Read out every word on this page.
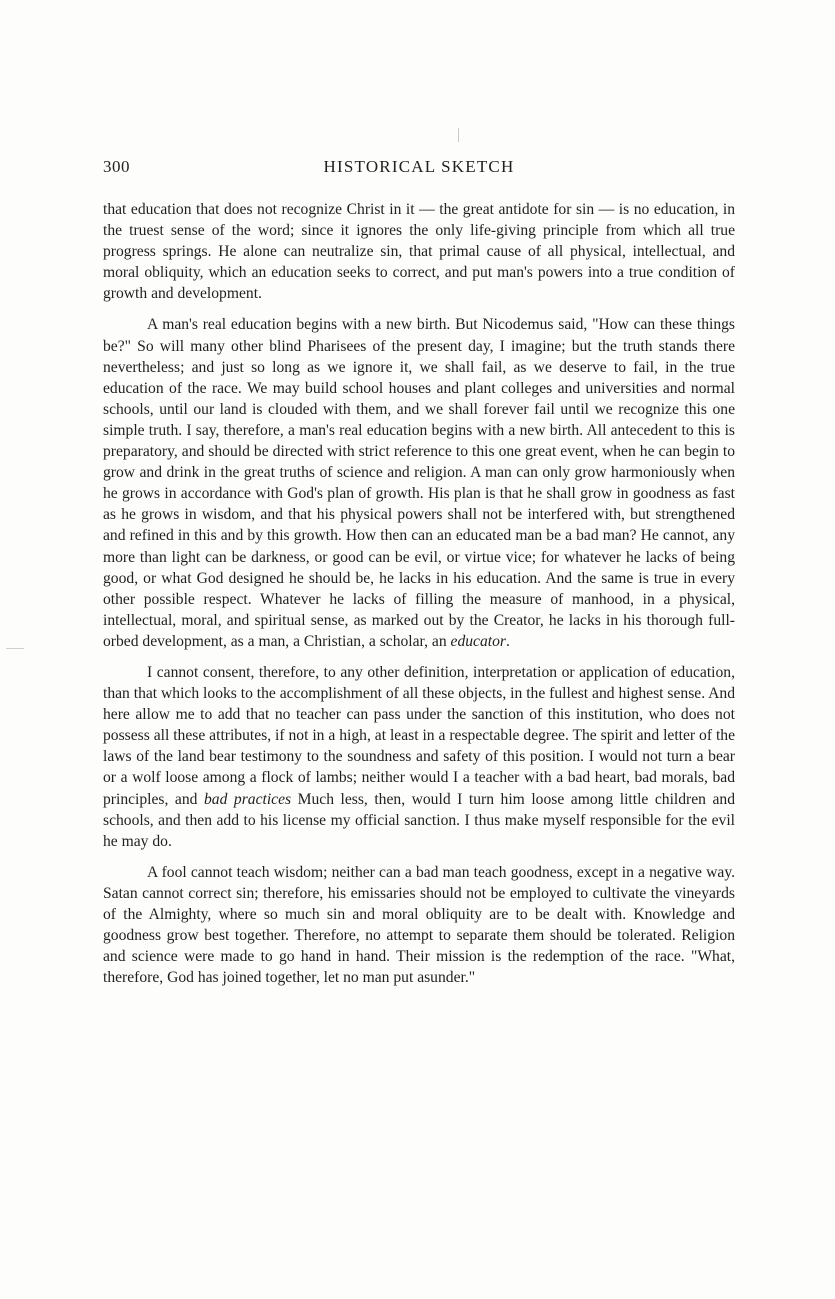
300	HISTORICAL SKETCH

that education that does not recognize Christ in it — the great antidote for sin — is no education, in the truest sense of the word; since it ignores the only life-giving principle from which all true progress springs. He alone can neutralize sin, that primal cause of all physical, intellectual, and moral obliquity, which an education seeks to correct, and put man's powers into a true condition of growth and development.

A man's real education begins with a new birth. But Nicodemus said, "How can these things be?" So will many other blind Pharisees of the present day, I imagine; but the truth stands there nevertheless; and just so long as we ignore it, we shall fail, as we deserve to fail, in the true education of the race. We may build school houses and plant colleges and universities and normal schools, until our land is clouded with them, and we shall forever fail until we recognize this one simple truth. I say, therefore, a man's real education begins with a new birth. All antecedent to this is preparatory, and should be directed with strict reference to this one great event, when he can begin to grow and drink in the great truths of science and religion. A man can only grow harmoniously when he grows in accordance with God's plan of growth. His plan is that he shall grow in goodness as fast as he grows in wisdom, and that his physical powers shall not be interfered with, but strengthened and refined in this and by this growth. How then can an educated man be a bad man? He cannot, any more than light can be darkness, or good can be evil, or virtue vice; for whatever he lacks of being good, or what God designed he should be, he lacks in his education. And the same is true in every other possible respect. Whatever he lacks of filling the measure of manhood, in a physical, intellectual, moral, and spiritual sense, as marked out by the Creator, he lacks in his thorough full-orbed development, as a man, a Christian, a scholar, an educator.

I cannot consent, therefore, to any other definition, interpretation or application of education, than that which looks to the accomplishment of all these objects, in the fullest and highest sense. And here allow me to add that no teacher can pass under the sanction of this institution, who does not possess all these attributes, if not in a high, at least in a respectable degree. The spirit and letter of the laws of the land bear testimony to the soundness and safety of this position. I would not turn a bear or a wolf loose among a flock of lambs; neither would I a teacher with a bad heart, bad morals, bad principles, and bad practices Much less, then, would I turn him loose among little children and schools, and then add to his license my official sanction. I thus make myself responsible for the evil he may do.

A fool cannot teach wisdom; neither can a bad man teach goodness, except in a negative way. Satan cannot correct sin; therefore, his emissaries should not be employed to cultivate the vineyards of the Almighty, where so much sin and moral obliquity are to be dealt with. Knowledge and goodness grow best together. Therefore, no attempt to separate them should be tolerated. Religion and science were made to go hand in hand. Their mission is the redemption of the race. "What, therefore, God has joined together, let no man put asunder."
